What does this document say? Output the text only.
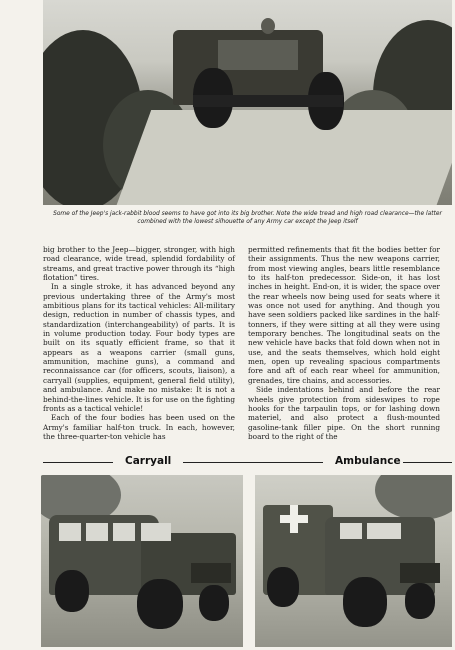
Some of the Jeep's jack-rabbit blood seems to have got into its big brother. Note the wide tread and high road clearance—the latter combined with the lowest silhouette of any Army car except the Jeep itself

big brother to the Jeep—bigger, stronger, with high road clearance, wide tread, splendid fordability of streams, and great tractive power through its “high flotation” tires.

In a single stroke, it has advanced beyond any previous undertaking three of the Army's most ambitious plans for its tactical vehicles: All-military design, reduction in number of chassis types, and standardization (interchangeability) of parts. It is in volume production today. Four body types are built on its squatly efficient frame, so that it appears as a weapons carrier (small guns, ammunition, machine guns), a command and reconnaissance car (for officers, scouts, liaison), a carryall (supplies, equipment, general field utility), and ambulance. And make no mistake: It is not a behind-the-lines vehicle. It is for use on the fighting fronts as a tactical vehicle!

Each of the four bodies has been used on the Army's familiar half-ton truck. In each, however, the three-quarter-ton vehicle has

permitted refinements that fit the bodies better for their assignments. Thus the new weapons carrier, from most viewing angles, bears little resemblance to its half-ton predecessor. Side-on, it has lost inches in height. End-on, it is wider, the space over the rear wheels now being used for seats where it was once not used for anything. And though you have seen soldiers packed like sardines in the half-tonners, if they were sitting at all they were using temporary benches. The longitudinal seats on the new vehicle have backs that fold down when not in use, and the seats themselves, which hold eight men, open up revealing spacious compartments fore and aft of each rear wheel for ammunition, grenades, tire chains, and accessories.

Side indentations behind and before the rear wheels give protection from sideswipes to rope hooks for the tarpaulin tops, or for lashing down materiel, and also protect a flush-mounted gasoline-tank filler pipe. On the short running board to the right of the

Carryall	Ambulance
